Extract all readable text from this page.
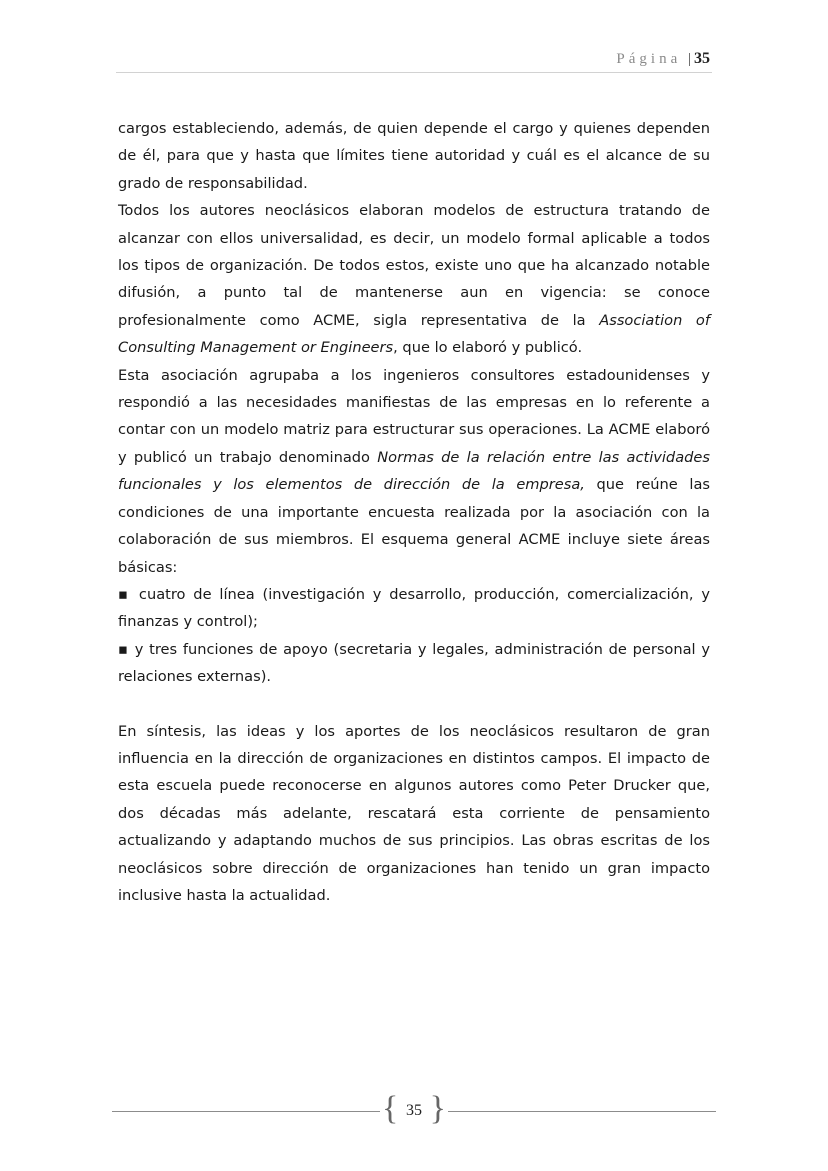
Página | 35

cargos estableciendo, además, de quien depende el cargo y quienes dependen de él, para que y hasta que límites tiene autoridad y cuál es el alcance de su grado de responsabilidad.

Todos los autores neoclásicos elaboran modelos de estructura tratando de alcanzar con ellos universalidad, es decir, un modelo formal aplicable a todos los tipos de organización. De todos estos, existe uno que ha alcanzado notable difusión, a punto tal de mantenerse aun en vigencia: se conoce profesionalmente como ACME, sigla representativa de la Association of Consulting Management or Engineers, que lo elaboró y publicó.

Esta asociación agrupaba a los ingenieros consultores estadounidenses y respondió a las necesidades manifiestas de las empresas en lo referente a contar con un modelo matriz para estructurar sus operaciones. La ACME elaboró y publicó un trabajo denominado Normas de la relación entre las actividades funcionales y los elementos de dirección de la empresa, que reúne las condiciones de una importante encuesta realizada por la asociación con la colaboración de sus miembros. El esquema general ACME incluye siete áreas básicas:

▪ cuatro de línea (investigación y desarrollo, producción, comercialización, y finanzas y control);

▪ y tres funciones de apoyo (secretaria y legales, administración de personal y relaciones externas).

En síntesis, las ideas y los aportes de los neoclásicos resultaron de gran influencia en la dirección de organizaciones en distintos campos. El impacto de esta escuela puede reconocerse en algunos autores como Peter Drucker que, dos décadas más adelante, rescatará esta corriente de pensamiento actualizando y adaptando muchos de sus principios. Las obras escritas de los neoclásicos sobre dirección de organizaciones han tenido un gran impacto inclusive hasta la actualidad.

{ }
35
